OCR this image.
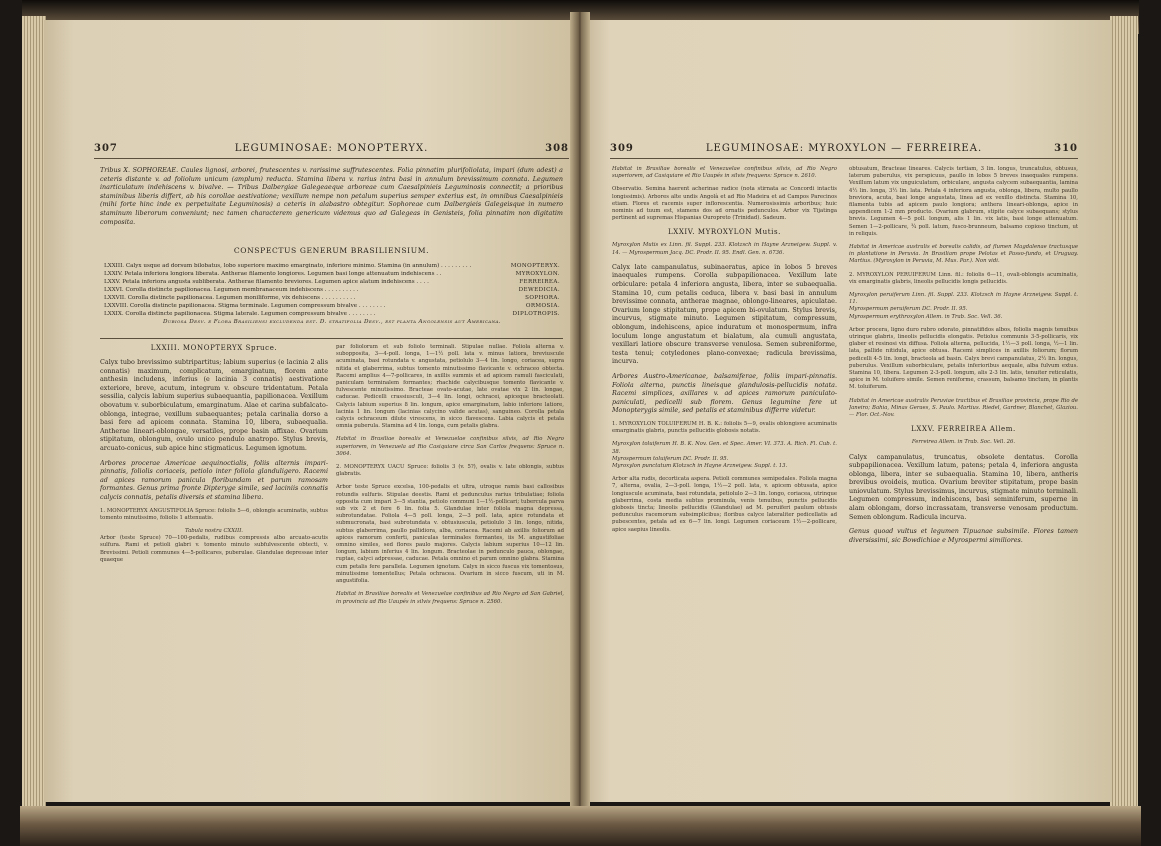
307	LEGUMINOSAE: MONOPTERYX.	308

Tribus X. SOPHOREAE. Caules lignosi, arborei, frutescentes v. rarissime suffrutescentes. Folia pinnatim plurifoliolata, impari (dum adest) a ceteris distante v. ad foliolum unicum (amplum) reducta. Stamina libera v. rarius intra basi in annulum brevissimum connata. Legumen inarticulatum indehiscens v. bivalve. — Tribus Dalbergiae Galegeaeque arboreae cum Caesalpinieis Leguminosis connectit; a prioribus staminibus liberis differt, ab his corollae aestivatione; vexillum nempe non petalum superius semper exterius est, in omnibus Caesalpinieis (mihi forte hinc inde ex perpetuitate Leguminosis) a ceteris in alabastro obtegitur. Sophoreae cum Dalbergieis Galegeisque in numero staminum liberorum conveniunt; nec tamen characterem genericum videmus quo ad Galegeas in Genisteis, folia pinnatim non digitatim composita.

CONSPECTUS GENERUM BRASILIENSIUM.

LXXIII. Calyx usque ad dorsum bilobatus, lobo superiore maximo emarginato, inferiore minimo. Stamina (in annulum) . . . . . . . . .	MONOPTERYX.
LXXIV. Petala inferiora longiora liberata. Antherae filamento longiores. Legumen basi longe attenuatum indehiscens . .	MYROXYLON.
LXXV. Petala inferiora angusta subliberata. Antherae filamento breviores. Legumen apice alatum indehiscens . . . .	FERREIREA.
LXXVI. Corolla distincte papilionacea. Legumen membranaceum indehiscens . . . . . . . . . .	DEWEDICIA.
LXXVII. Corolla distincte papilionacea. Legumen moniliforme, vix dehiscens . . . . . . . . . .	SOPHORA.
LXXVIII. Corolla distincte papilionacea. Stigma terminale. Legumen compressum bivalve . . . . . . . .	ORMOSIA.
LXXIX. Corolla distincte papilionacea. Stigma laterale. Legumen compressum bivalve . . . . . . . .	DIPLOTROPIS.
Dubiosa Desv. e Flora Brasiliensi excludenda est. D. stratifolia Desv., est planta Angolensis aut Americana.

LXXIII. MONOPTERYX Spruce.

Calyx tubo brevissimo subtripartitus; labium superius (e lacinia 2 alis connatis) maximum, complicatum, emarginatum, florem ante anthesin includens, inferius (e lacinia 3 connatis) aestivatione exteriore, breve, acutum, integrum v. obscure tridentatum. Petala sessilia, calycis labium superius subaequantia, papilionacea. Vexillum obovatum v. suborbiculatum, emarginatum. Alae et carina subfalcato-oblonga, integrae, vexillum subaequantes; petala carinalia dorso a basi fere ad apicem connata. Stamina 10, libera, subaequalia. Antherae lineari-oblongae, versatiles, prope basin affixae. Ovarium stipitatum, oblongum, ovulo unico pendulo anatropo. Stylus brevis, arcuato-conicus, sub apice hinc stigmaticus. Legumen ignotum.

Arbores procerae Americae aequinoctialis, foliis alternis impari-pinnatis, foliolis coriaceis, petiolo inter foliola glanduligero. Racemi ad apices ramorum panicula floribundam et parum ramosam formantes. Genus prima fronte Dipteryge simile, sed laciniis connatis calycis connatis, petalis diversis et stamina libera.

1. MONOPTERYX ANGUSTIFOLIA Spruce: foliolis 5—6, oblongis acuminatis, subtus tomento minutissimo, foliolis 1 attenuatis.

Tabula nostra CXXIII.

Arbor (teste Spruce) 70—100-pedalis, rudibus compressis albo arcuato-acutis sulfura. Rami et petioli glabri v. tomento minuto subfulvescente obtecti, v. Brevissimi. Petioli communes 4—5-pollicares, puberulae. Glandulae depressae inter quaeque

par foliolorum et sub foliolo terminali. Stipulae nullae. Foliola alterna v. subopposita, 3—4-poll. longa, 1—1½ poll. lata v. minus latiora, breviuscule acuminata, basi rotundata v. angustata, petiolulo 3—4 lin. longo, coriacea, supra nitida et glaberrima, subtus tomento minutissimo flavicante v. ochraceo obtecta. Racemi amplius 4—7-pollicares, in axillis summis et ad apicem ramuli fasciculati, paniculam terminalem formantes; rhachide calycibusque tomento flavicante v. fulvescente minutissimo. Bracteae ovato-acutae, late ovatae vix 2 lin. longae, caducae. Pedicelli crassiusculi, 3—4 lin. longi, ochracei, apiceque bracteolati. Calycis labium superius 8 lin. longum, apice emarginatum, labio inferiore latiore, lacinia 1 lin. longum (lacinias calycino valide acutas), sanguineo. Corolla petala calycis ochraceum dilute virescens, in sicco flavescens. Labia calycis et petala omnia puberula. Stamina ad 4 lin. longa, cum petalis glabra.

Habitat in Brasiliae borealis et Venezuelae confinibus silvis, ad Rio Negro superiorem, in Venezuela ad Rio Casiquiare circa San Carlos frequens: Spruce n. 3064.

2. MONOPTERYX UACU Spruce: foliolis 3 (v. 5?), ovalis v. late oblongis, subtus glabratis.

Arbor teste Spruce excelsa, 100-pedalis et ultra, utroque ramis basi callosibus rotundis sulfuris. Stipulae deestis. Rami et pedunculus rarius tribulatiae; foliola opposita cum impari 3—5 stantia, petiolo communi 1—1½-pollicari; tubercula parva sub vix 2 et fere 6 lin. folia 5. Glandulae inter foliola magna depressa, subrotundatae. Foliola 4—5 poll. longa, 2—3 poll. lata, apice rotundata et submucronata, basi subrotundata v. obtusiuscula, petiolulo 3 lin. longo, nitida, subtus glaberrima, paullo pallidiora, alba, coriacea. Racemi ab axillis foliorum ad apices ramorum conferti, paniculas terminales formantes, iis M. angustifoliae omnino similes, sed flores paulo majores. Calycis labium superius 10—12 lin. longum, labium inferius 4 lin. longum. Bracteolae in pedunculo pauca, oblongae, ruptae, calyci adpressae, caducae. Petala omnino et parum omnino glabra. Stamina cum petalis fere parallela. Legumen ignotum. Calyx in sicco fuscus vix tomentosus, minutissime tomentellus; Petala ochracea. Ovarium in sicco fuscum, uti in M. angustifolia.

Habitat in Brasiliae borealis et Venezuelae confinibus ad Rio Negro ad San Gabriel, in provincia ad Rio Uaupés in silvis frequens: Spruce n. 2560.

309	LEGUMINOSAE: MYROXYLON — FERREIREA.	310

Habitat in Brasiliae borealis et Venezuelae confinibus silvis, ad Rio Negro superiorem, ad Casiquiare et Rio Uaupés in silvis frequens: Spruce n. 2610.

Observatio. Semina haerent acherinae radice (nota stirnata ac Concordi intactis longissimis). Arbores alte undis Angolà et ad Rio Madeira et ad Campos Parecinos etiam. Flores et racemis super inflorescentia. Numerosissimis arboribus; huic nominis ad tuum est, stamens dos ad ornatis pedunculos. Arbor vix Tijatinga pertinent ad supremas Hispanias Ouropreto (Trinidad). Sadeum.

LXXIV. MYROXYLON Mutis.

Myroxylon Mutis ex Linn. fil. Suppl. 233. Klotzsch in Hayne Arzneigew. Suppl. v. 14. — Myrospermum Jacq. DC. Prodr. II. 95. Endl. Gen. n. 6736.

Calyx late campanulatus, subinaeratus, apice in lobos 5 breves inaequales rumpens. Corolla subpapilionacea. Vexillum late orbiculare: petala 4 inferiora angusta, libera, inter se subaequalia. Stamina 10, cum petalis ceduca, libera v. basi basi in annulum brevissime connata, antherae magnae, oblongo-lineares, apiculatae. Ovarium longe stipitatum, prope apicem bi-ovulatum. Stylus brevis, incurvus, stigmate minuto. Legumen stipitatum, compressum, oblongum, indehiscens, apice induratum et monospermum, infra loculum longe angustatum et bialatum, ala cumuli angustata, vexillari latiore obscure transverse venulosa. Semen subreniforme, testa tenui; cotyledones plano-convexae; radicula brevissima, incurva.

Arbores Austro-Americanae, balsamiferae, foliis impari-pinnatis. Foliola alterna, punctis lineisque glandulosis-pellucidis notata. Racemi simplices, axillares v. ad apices ramorum paniculato-paniculati, pedicelli sub florem. Genus legumine fere ut Monopterygis simile, sed petalis et staminibus differre videtur.

1. MYROXYLON TOLUIFERUM H. B. K.: foliolis 5—9, ovalis oblongisve acuminatis emarginatis glabris, punctis pellucidis globosis notatis.

Myroxylon toluiferum H. B. K. Nov. Gen. et Spec. Amer. VI. 373. A. Rich. Fl. Cub. t. 38.
Myrospermum toluiferum DC. Prodr. II. 95.
Myroxylon punctatum Klotzsch in Hayne Arzneigew. Suppl. t. 13.

Arbor alta rudis, decorticata aspera. Petioli communes semipedales. Foliola magna 7, alterna, ovalia, 2—3-poll. longa, 1½—2 poll. lata, v. apicem obtusata, apice longiuscule acuminata, basi rotundata, petiolulo 2—3 lin. longo, coriacea, utrinque glaberrima, costa media subtus prominula, venis tenuibus, punctis pellucidis globosis tincta; lineolis pellucidis (Glandulae) ad M. peruiferi paulum obtusis pedunculus racemorum subsimplicibus; floribus calyce lateraliter pedicellatis ad pubescentes, petala ad ex 6—7 lin. longi. Legumen coriaceum 1½—2-pollicare, apice saepius lineolis.

obtusatum, Bracteae lineares. Calycis tertiam, 3 lin. longus, truncatulus, obtusus, laterum puberulus, vix perspicuus, paullo in lobos 5 breves inaequales rumpens. Vexillum latum vix unguiculatum, orbiculare, angusta calycem subaequantia, lamina 4½ lin. longa, 3½ lin. lata. Petala 4 inferiora angusta, oblonga, libera, multo paullo breviora, acuta, basi longe angustata, linea ad ex vexillo distincta. Stamina 10, filamenta tubis ad apicem paulo longiora; anthera lineari-oblonga, apice in appendicem 1-2 mm producto. Ovarium glabrum, stipite calyce subaequans; stylus brevis. Legumen 4—5 poll. longum, alis 1 lin. vix latis, basi longe attenuatum. Semen 1—2-pollicare, ¾ poll. latum, fusco-brunneum, balsamo copioso tinctum, ut in reliquis.

Habitat in Americae australis et borealis calidis, ad flumen Magdalenae tractusque in plantatione in Peruvia. In Brasiliam prope Pelotas et Passo-fundo, et Uruguay. Martius. (Myroxylon in Peruvia, M. Mus. Par.). Non vidi.

2. MYROXYLON PERUIFERUM Linn. fil.: foliolis 6—11, ovali-oblongis acuminatis, vix emarginatis glabris, lineolis pellucidis longis pellucidis.

Myroxylon peruiferum Linn. fil. Suppl. 233. Klotzsch in Hayne Arzneigew. Suppl. t. 11.
Myrospermum peruiferum DC. Prodr. II. 95.
Myrospermum erythroxylon Allem. in Trab. Soc. Vell. 36.

Arbor procera, ligno duro rubro odorato, pinnatifidos albos, foliolis magnis tenuibus utrinque glabris, lineolis pellucidis elongatis. Petiolus communis 3-5-pollicaris, vix glaber et resinosi vix diffusa. Foliola alterna, pellucida, 1½—3 poll. longa, ½—1 lin. lata, pallide nitidula, apice obtusa. Racemi simplices in axillis foliorum; florum pedicelli 4-5 lin. longi, bracteola ad basin. Calyx brevi campanulatus, 2½ lin. longus, puberulus. Vexillum suborbiculare, petalis inferioribus aequale, alba fulvum extus. Stamina 10, libera. Legumen 2-3-poll. longum, alis 2-3 lin. latis, tenuiter reticulatis, apice in M. toluifero simile. Semen reniforme, crassum, balsamo tinctum, in plantis M. toluiferum.

Habitat in Americae australis Peruviae tractibus et Brasiliae provincia, prope Rio de Janeiro; Bahia, Minas Geraes, S. Paulo. Martius. Riedel, Gardner, Blanchet, Glaziou. — Flor. Oct.-Nov.

LXXV. FERREIREA Allem.

Ferreirea Allem. in Trab. Soc. Vell. 26.

Calyx campanulatus, truncatus, obsolete dentatus. Corolla subpapilionacea. Vexillum latum, patens; petala 4, inferiora angusta oblonga, libera, inter se subaequalia. Stamina 10, libera, antheris brevibus ovoideis, mutica. Ovarium breviter stipitatum, prope basin uniovulatum. Stylus brevissimus, incurvus, stigmate minuto terminali. Legumen compressum, indehiscens, basi seminiferum, superne in alam oblongam, dorso incrassatam, transverse venosam productum. Semen oblongum. Radicula incurva.

Genus quoad vultus et legumen Tipuanae subsimile. Flores tamen diversissimi, sic Bowdichiae e Myrospermi similiores.
